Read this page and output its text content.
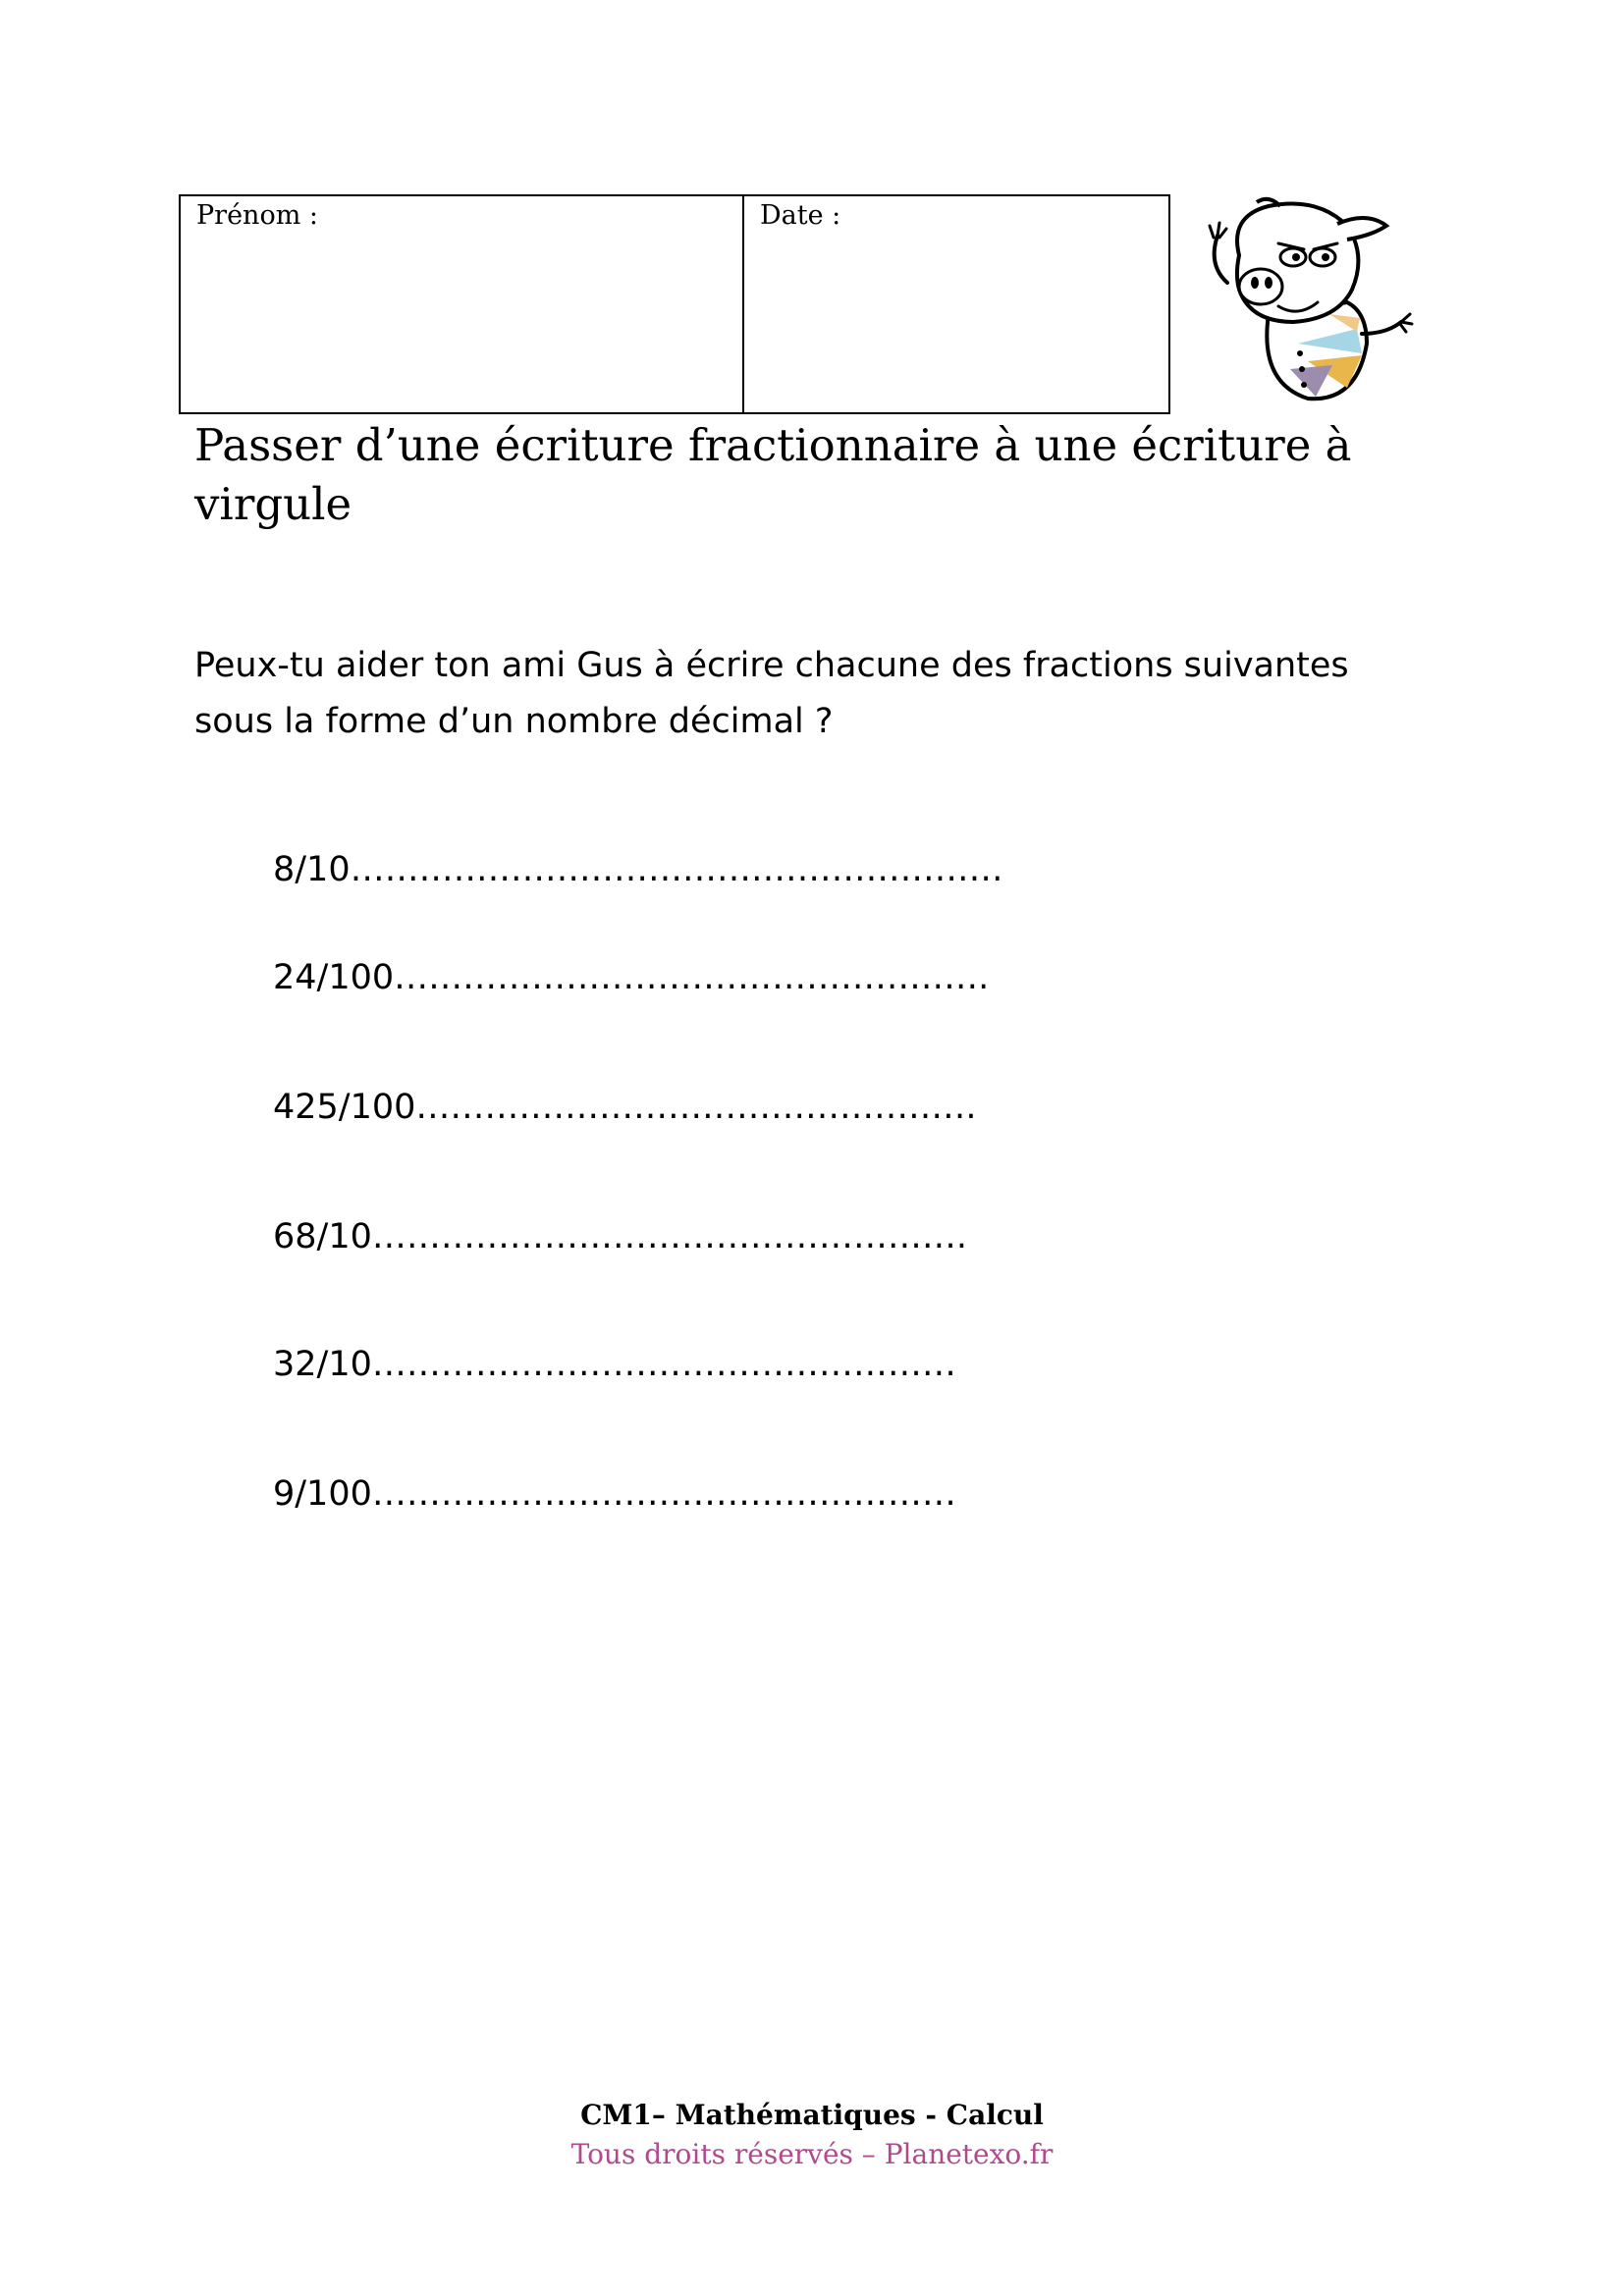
Prénom :	Date :
Passer d’une écriture fractionnaire à une écriture à virgule

Peux-tu aider ton ami Gus à écrire chacune des fractions suivantes sous la forme d’un nombre décimal ?

8/10…………………………………………………
24/100…………………………………………….
425/100………………………………………….
68/10…………………………………………….
32/10……………………………………………
9/100……………………………………………
CM1– Mathématiques - Calcul
Tous droits réservés – Planetexo.fr
